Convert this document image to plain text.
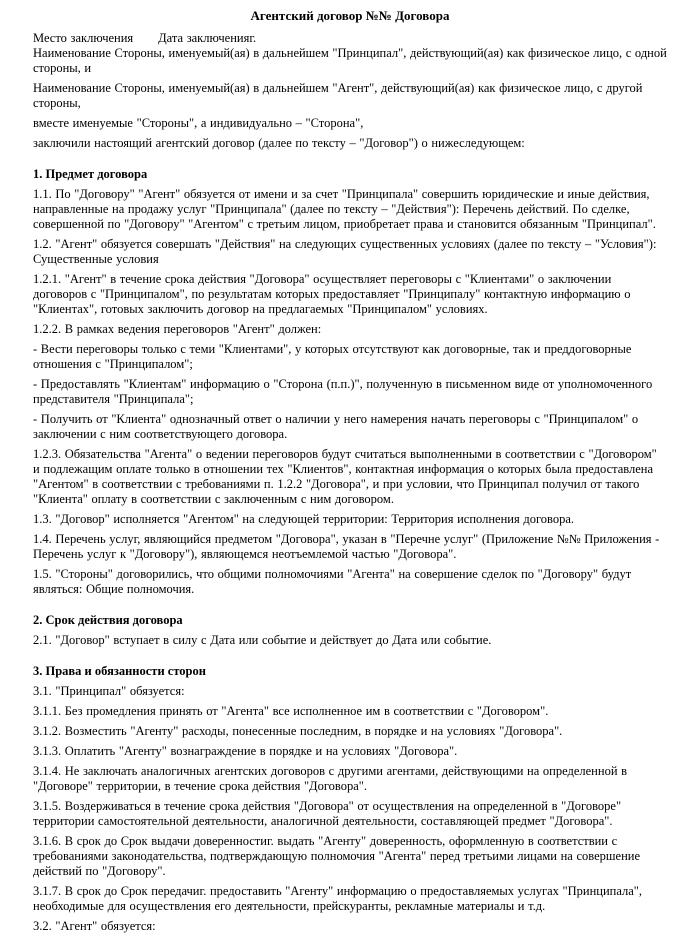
Агентский договор №№ Договора

Место заключения Дата заключенияг.

Наименование Стороны, именуемый(ая) в дальнейшем "Принципал", действующий(ая) как физическое лицо, с одной стороны, и

Наименование Стороны, именуемый(ая) в дальнейшем "Агент", действующий(ая) как физическое лицо, с другой стороны,

вместе именуемые "Стороны", а индивидуально – "Сторона",

заключили настоящий агентский договор (далее по тексту – "Договор") о нижеследующем:

1. Предмет договора

1.1. По "Договору" "Агент" обязуется от имени и за счет "Принципала" совершить юридические и иные действия, направленные на продажу услуг "Принципала" (далее по тексту – "Действия"): Перечень действий. По сделке, совершенной по "Договору" "Агентом" с третьим лицом, приобретает права и становится обязанным "Принципал".

1.2. "Агент" обязуется совершать "Действия" на следующих существенных условиях (далее по тексту – "Условия"): Существенные условия

1.2.1. "Агент" в течение срока действия "Договора" осуществляет переговоры с "Клиентами" о заключении договоров с "Принципалом", по результатам которых предоставляет "Принципалу" контактную информацию о "Клиентах", готовых заключить договор на предлагаемых "Принципалом" условиях.

1.2.2. В рамках ведения переговоров "Агент" должен:

- Вести переговоры только с теми "Клиентами", у которых отсутствуют как договорные, так и преддоговорные отношения с "Принципалом";

- Предоставлять "Клиентам" информацию о "Сторона (п.п.)", полученную в письменном виде от уполномоченного представителя "Принципала";

- Получить от "Клиента" однозначный ответ о наличии у него намерения начать переговоры с "Принципалом" о заключении с ним соответствующего договора.

1.2.3. Обязательства "Агента" о ведении переговоров будут считаться выполненными в соответствии с "Договором" и подлежащим оплате только в отношении тех "Клиентов", контактная информация о которых была предоставлена "Агентом" в соответствии с требованиями п. 1.2.2 "Договора", и при условии, что Принципал получил от такого "Клиента" оплату в соответствии с заключенным с ним договором.

1.3. "Договор" исполняется "Агентом" на следующей территории: Территория исполнения договора.

1.4. Перечень услуг, являющийся предметом "Договора", указан в "Перечне услуг" (Приложение №№ Приложения - Перечень услуг к "Договору"), являющемся неотъемлемой частью "Договора".

1.5. "Стороны" договорились, что общими полномочиями "Агента" на совершение сделок по "Договору" будут являться: Общие полномочия.

2. Срок действия договора

2.1. "Договор" вступает в силу с Дата или событие и действует до Дата или событие.

3. Права и обязанности сторон

3.1. "Принципал" обязуется:

3.1.1. Без промедления принять от "Агента" все исполненное им в соответствии с "Договором".

3.1.2. Возместить "Агенту" расходы, понесенные последним, в порядке и на условиях "Договора".

3.1.3. Оплатить "Агенту" вознаграждение в порядке и на условиях "Договора".

3.1.4. Не заключать аналогичных агентских договоров с другими агентами, действующими на определенной в "Договоре" территории, в течение срока действия "Договора".

3.1.5. Воздерживаться в течение срока действия "Договора" от осуществления на определенной в "Договоре" территории самостоятельной деятельности, аналогичной деятельности, составляющей предмет "Договора".

3.1.6. В срок до Срок выдачи доверенностиг. выдать "Агенту" доверенность, оформленную в соответствии с требованиями законодательства, подтверждающую полномочия "Агента" перед третьими лицами на совершение действий по "Договору".

3.1.7. В срок до Срок передачиг. предоставить "Агенту" информацию о предоставляемых услугах "Принципала", необходимые для осуществления его деятельности, прейскуранты, рекламные материалы и т.д.

3.2. "Агент" обязуется:
